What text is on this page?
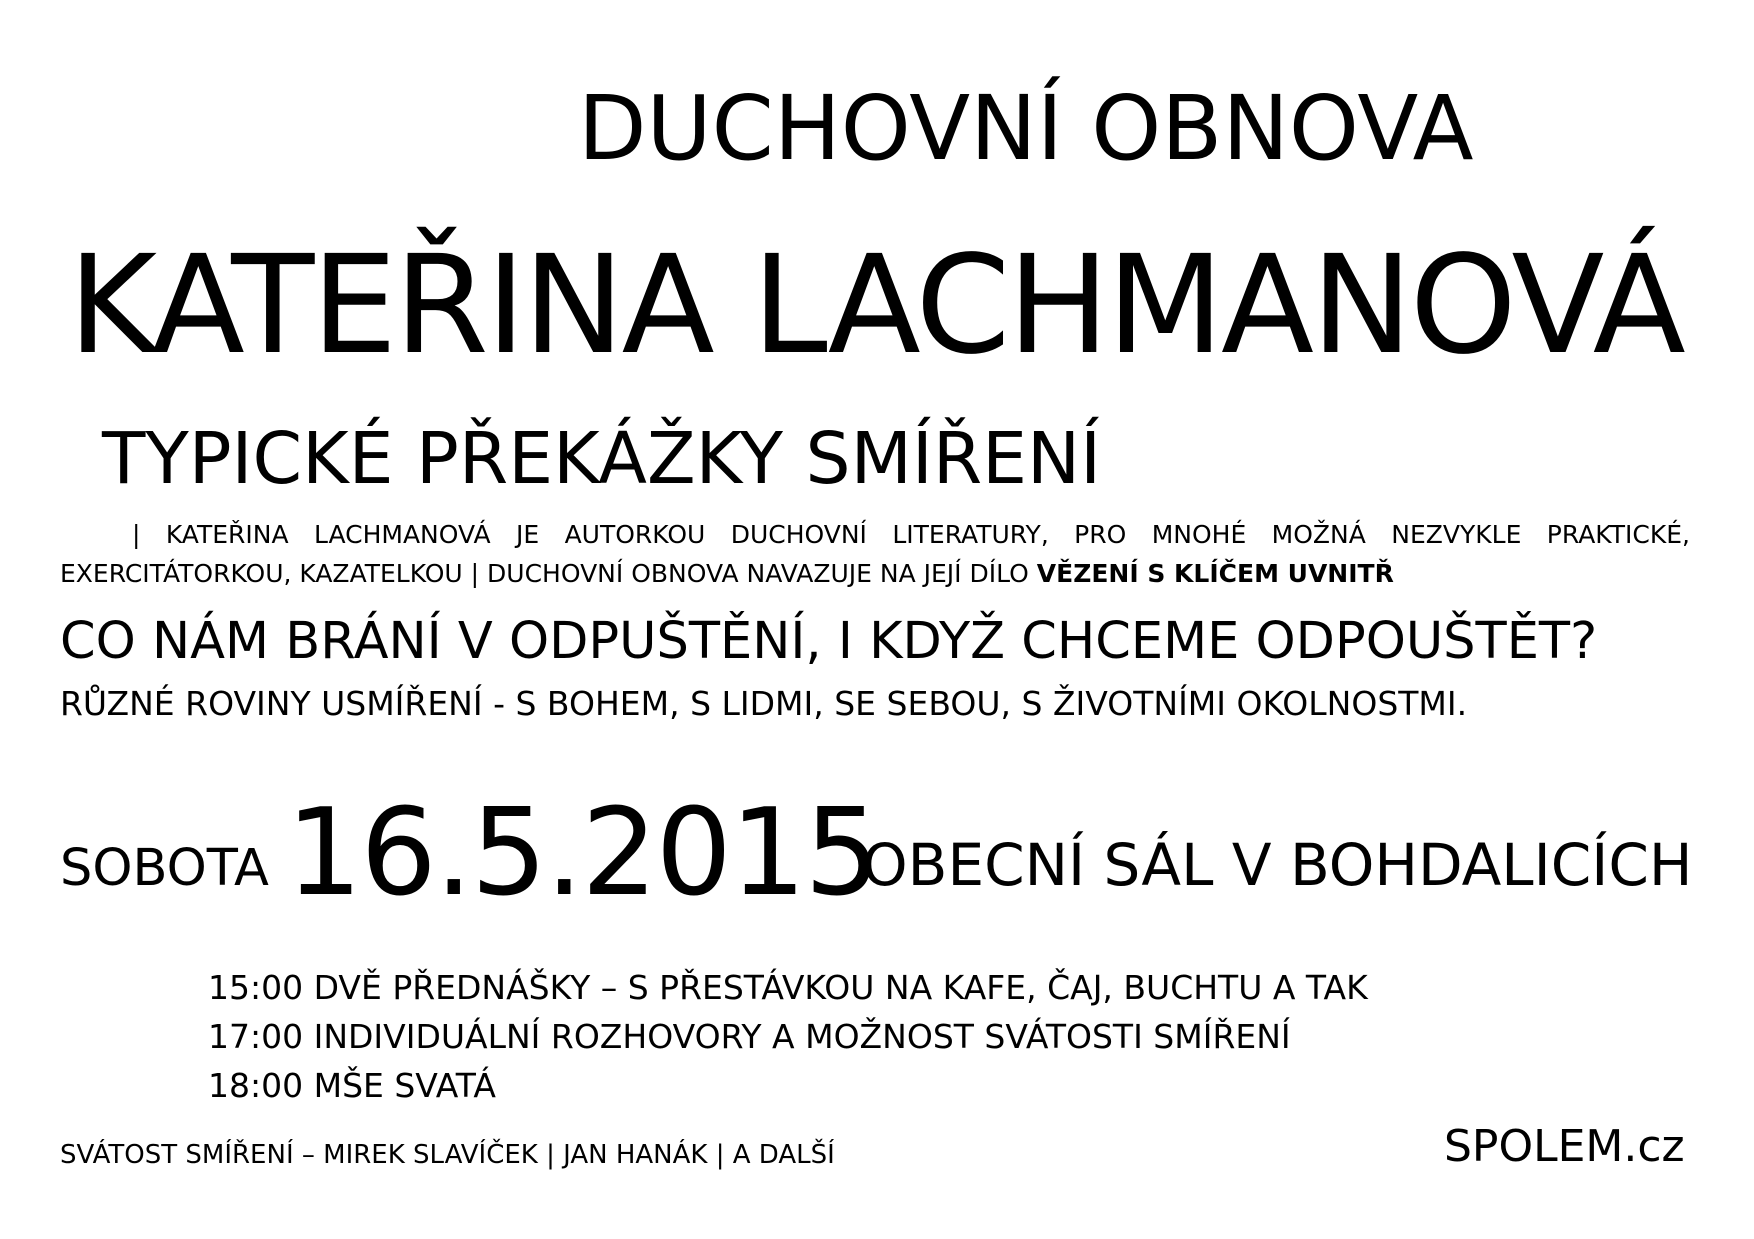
DUCHOVNÍ OBNOVA
KATEŘINA LACHMANOVÁ
TYPICKÉ PŘEKÁŽKY SMÍŘENÍ
| KATEŘINA LACHMANOVÁ JE AUTORKOU DUCHOVNÍ LITERATURY, PRO MNOHÉ MOŽNÁ NEZVYKLE PRAKTICKÉ, EXERCITÁTORKOU, KAZATELKOU | DUCHOVNÍ OBNOVA NAVAZUJE NA JEJÍ DÍLO VĚZENÍ S KLÍČEM UVNITŘ
CO NÁM BRÁNÍ V ODPUŠTĚNÍ, I KDYŽ CHCEME ODPOUŠTĚT?
RŮZNÉ ROVINY USMÍŘENÍ - S BOHEM, S LIDMI, SE SEBOU, S ŽIVOTNÍMI OKOLNOSTMI.
SOBOTA 16.5.2015
OBECNÍ SÁL V BOHDALICÍCH
15:00 DVĚ PŘEDNÁŠKY – S PŘESTÁVKOU NA KAFE, ČAJ, BUCHTU A TAK
17:00 INDIVIDUÁLNÍ ROZHOVORY A MOŽNOST SVÁTOSTI SMÍŘENÍ
18:00 MŠE SVATÁ
SVÁTOST SMÍŘENÍ – MIREK SLAVÍČEK | JAN HANÁK | A DALŠÍ	SPOLEM.cz
